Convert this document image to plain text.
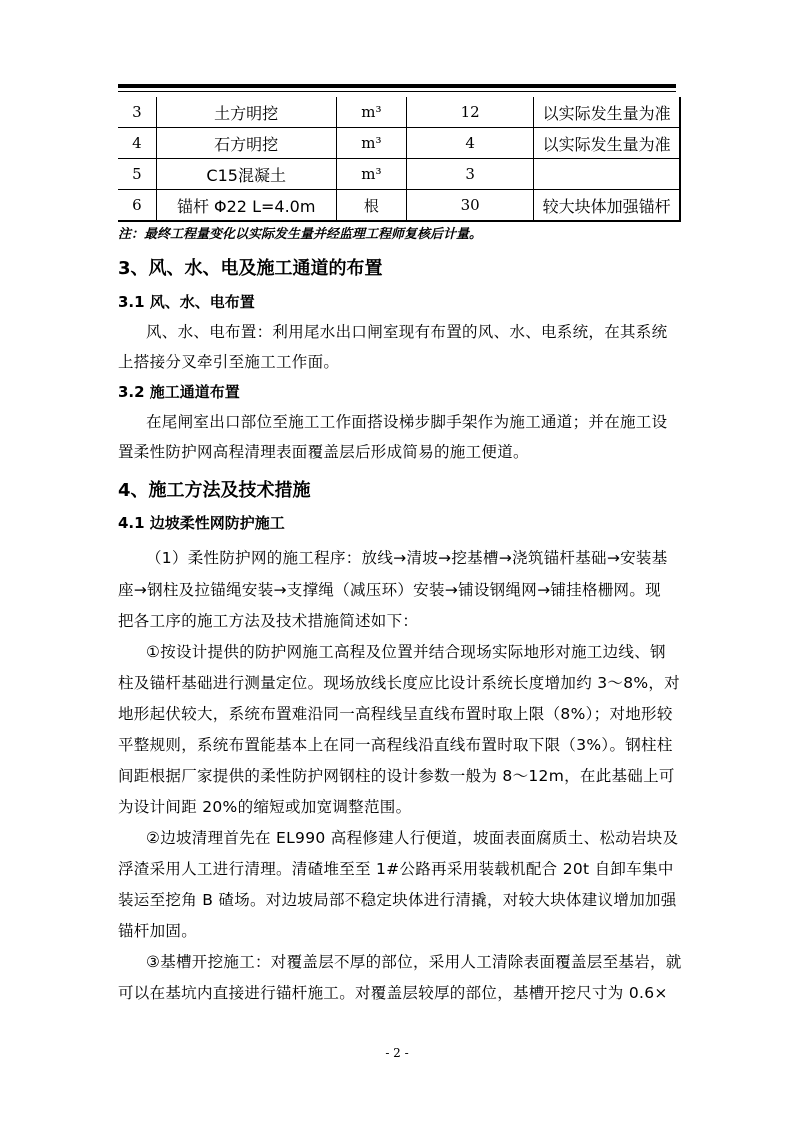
3	土方明挖	m³	12	以实际发生量为准
4	石方明挖	m³	4	以实际发生量为准
5	C15混凝土	m³	3	
6	锚杆 Φ22 L=4.0m	根	30	较大块体加强锚杆
注：最终工程量变化以实际发生量并经监理工程师复核后计量。
3、风、水、电及施工通道的布置
3.1 风、水、电布置
风、水、电布置：利用尾水出口闸室现有布置的风、水、电系统，在其系统
上搭接分叉牵引至施工工作面。
3.2 施工通道布置
在尾闸室出口部位至施工工作面搭设梯步脚手架作为施工通道；并在施工设
置柔性防护网高程清理表面覆盖层后形成简易的施工便道。
4、施工方法及技术措施
4.1 边坡柔性网防护施工
（1）柔性防护网的施工程序：放线→清坡→挖基槽→浇筑锚杆基础→安装基
座→钢柱及拉锚绳安装→支撑绳（减压环）安装→铺设钢绳网→铺挂格栅网。现
把各工序的施工方法及技术措施简述如下：
①按设计提供的防护网施工高程及位置并结合现场实际地形对施工边线、钢
柱及锚杆基础进行测量定位。现场放线长度应比设计系统长度增加约 3～8%，对
地形起伏较大，系统布置难沿同一高程线呈直线布置时取上限（8%）；对地形较
平整规则，系统布置能基本上在同一高程线沿直线布置时取下限（3%）。钢柱柱
间距根据厂家提供的柔性防护网钢柱的设计参数一般为 8～12m，在此基础上可
为设计间距 20%的缩短或加宽调整范围。
②边坡清理首先在 EL990 高程修建人行便道，坡面表面腐质土、松动岩块及
浮渣采用人工进行清理。清碴堆至至 1#公路再采用装载机配合 20t 自卸车集中
装运至挖角 B 碴场。对边坡局部不稳定块体进行清撬，对较大块体建议增加加强
锚杆加固。
③基槽开挖施工：对覆盖层不厚的部位，采用人工清除表面覆盖层至基岩，就
可以在基坑内直接进行锚杆施工。对覆盖层较厚的部位，基槽开挖尺寸为 0.6×
- 2 -
